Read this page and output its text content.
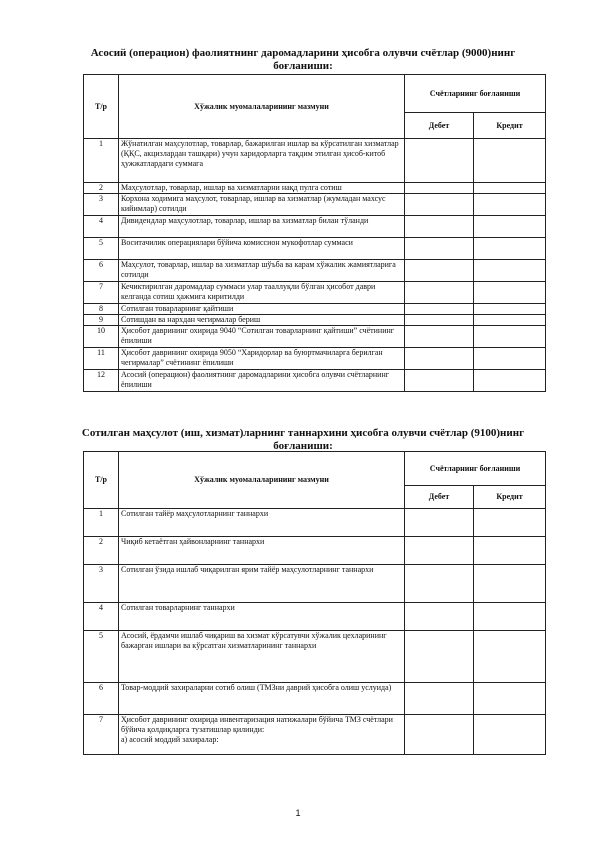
Асосий (операцион) фаолиятнинг даромадларини ҳисобга олувчи счётлар (9000)нинг боғланиши:
Т/р	Хўжалик муомалаларининг мазмуни	Счётларнинг боғланиши	
		Дебет	Кредит
1	Жўнатилган маҳсулотлар, товарлар, бажарилган ишлар ва кўрсатилган хизматлар (ҚҚС, акцизлардан ташқари) учун харидорларга тақдим этилган ҳисоб-китоб ҳужжатлардаги суммага		
2	Маҳсулотлар, товарлар, ишлар ва хизматларни нақд пулга сотиш		
3	Корхона ходимига маҳсулот, товарлар, ишлар ва хизматлар (жумладан махсус кийимлар) сотилди		
4	Дивидендлар маҳсулотлар, товарлар, ишлар ва хизматлар билан тўланди		
5	Воситачилик операциялари бўйича комиссион мукофотлар суммаси		
6	Маҳсулот, товарлар, ишлар ва хизматлар шўъба ва карам хўжалик жамиятларига сотилди		
7	Кечиктирилган даромадлар суммаси улар тааллуқли бўлган ҳисобот даври келганда сотиш ҳажмига киритилди		
8	Сотилган товарларнинг қайтиши		
9	Сотишдан ва нархдан чегирмалар бериш		
10	Ҳисобот даврининг охирида 9040 “Сотилган товарларнинг қайтиши” счётининг ёпилиши		
11	Ҳисобот даврининг охирида 9050 “Харидорлар ва буюртмачиларга берилган чегирмалар” счётининг ёпилиши		
12	Асосий (операцион) фаолиятнинг даромадларини ҳисобга олувчи счётларнинг ёпилиши		
Сотилган маҳсулот (иш, хизмат)ларнинг таннархини ҳисобга олувчи счётлар (9100)нинг боғланиши:
Т/р	Хўжалик муомалаларининг мазмуни	Счётларнинг боғланиши	
		Дебет	Кредит
1	Сотилган тайёр маҳсулотларнинг таннархи		
2	Чиқиб кетаётган ҳайвонларнинг таннархи		
3	Сотилган ўзида ишлаб чиқарилган ярим тайёр маҳсулотларнинг таннархи		
4	Сотилган товарларнинг таннархи		
5	Асосий, ёрдамчи ишлаб чиқариш ва хизмат кўрсатувчи хўжалик цехларининг бажарган ишлари ва кўрсатган хизматларининг таннархи		
6	Товар-моддий захираларни сотиб олиш (ТМЗни даврий ҳисобга олиш услуида)		
7	Ҳисобот даврининг охирида инвентаризация натижалари бўйича ТМЗ счётлари бўйича қолдиқларга тузатишлар қилинди:
а) асосий моддий захиралар:		
1
